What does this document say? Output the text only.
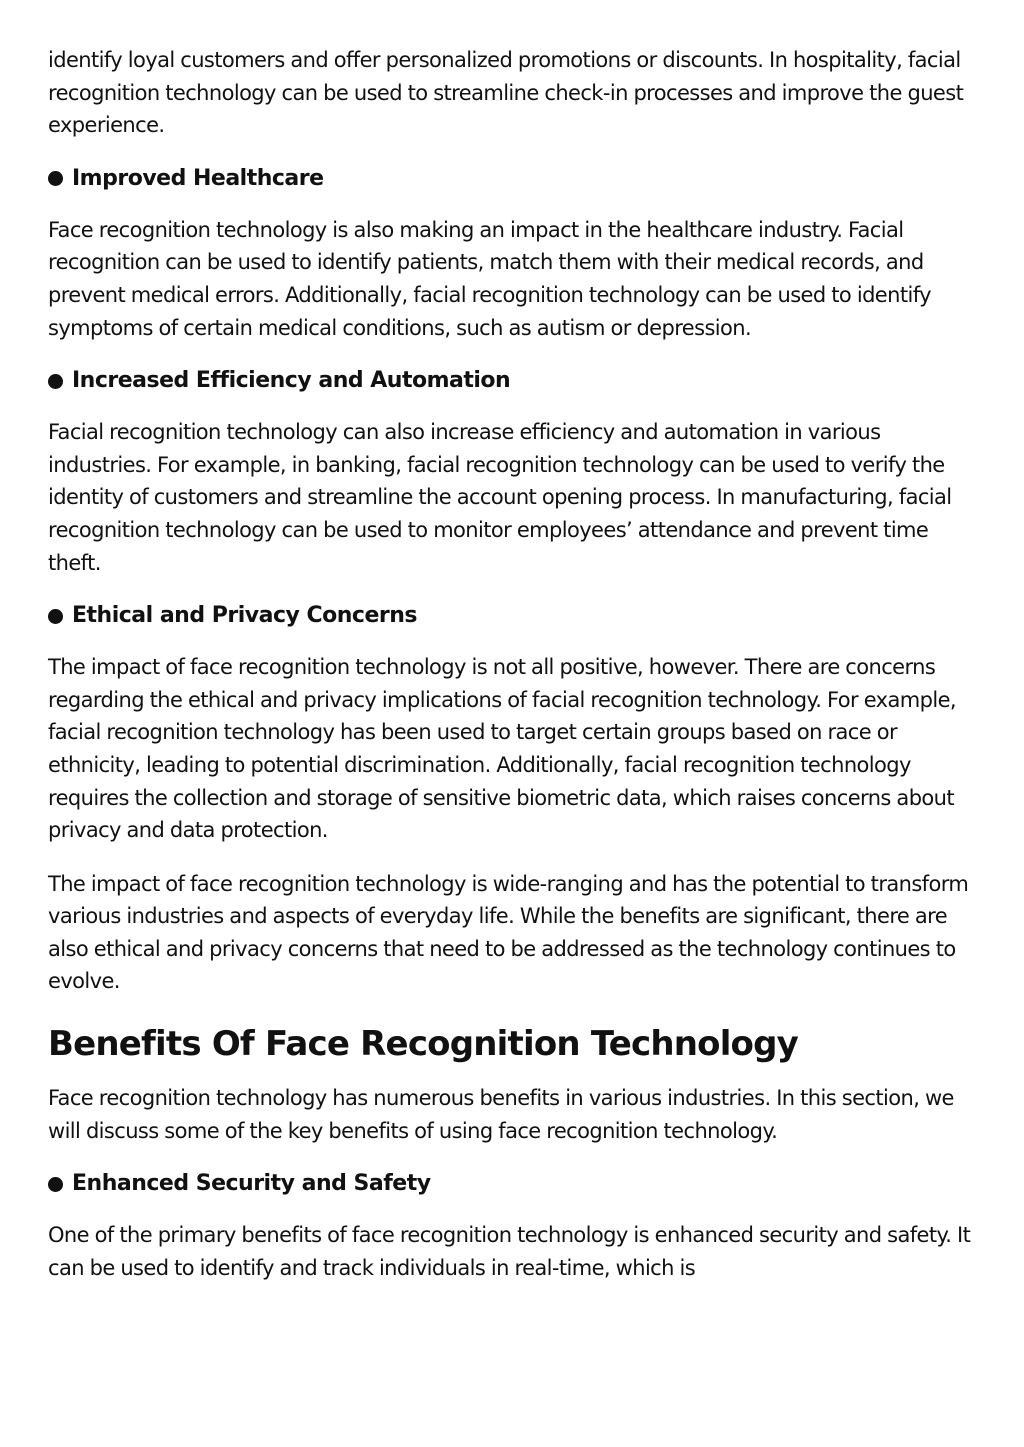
identify loyal customers and offer personalized promotions or discounts. In hospitality, facial recognition technology can be used to streamline check-in processes and improve the guest experience.

Improved Healthcare

Face recognition technology is also making an impact in the healthcare industry. Facial recognition can be used to identify patients, match them with their medical records, and prevent medical errors. Additionally, facial recognition technology can be used to identify symptoms of certain medical conditions, such as autism or depression.

Increased Efficiency and Automation

Facial recognition technology can also increase efficiency and automation in various industries. For example, in banking, facial recognition technology can be used to verify the identity of customers and streamline the account opening process. In manufacturing, facial recognition technology can be used to monitor employees’ attendance and prevent time theft.

Ethical and Privacy Concerns

The impact of face recognition technology is not all positive, however. There are concerns regarding the ethical and privacy implications of facial recognition technology. For example, facial recognition technology has been used to target certain groups based on race or ethnicity, leading to potential discrimination. Additionally, facial recognition technology requires the collection and storage of sensitive biometric data, which raises concerns about privacy and data protection.

The impact of face recognition technology is wide-ranging and has the potential to transform various industries and aspects of everyday life. While the benefits are significant, there are also ethical and privacy concerns that need to be addressed as the technology continues to evolve.

Benefits Of Face Recognition Technology

Face recognition technology has numerous benefits in various industries. In this section, we will discuss some of the key benefits of using face recognition technology.

Enhanced Security and Safety

One of the primary benefits of face recognition technology is enhanced security and safety. It can be used to identify and track individuals in real-time, which is
